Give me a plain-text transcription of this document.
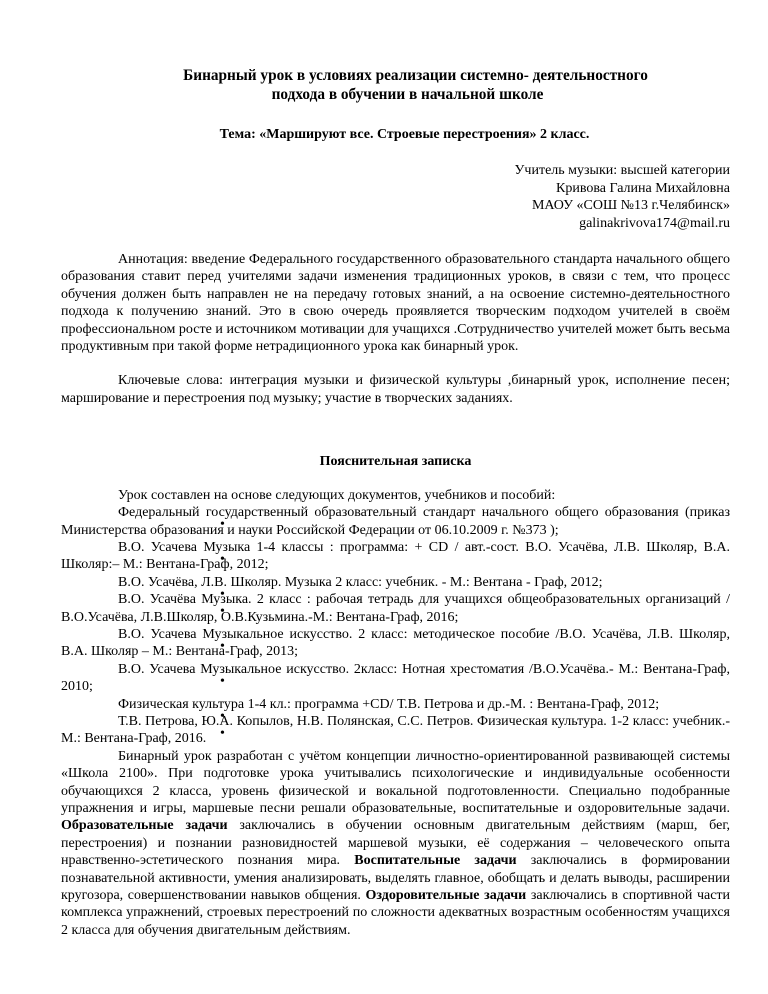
Бинарный урок в условиях реализации системно- деятельностного
подхода в обучении в начальной школе
Тема: «Маршируют все. Строевые перестроения» 2 класс.
Учитель музыки: высшей категории
Кривова Галина Михайловна
МАОУ «СОШ №13 г.Челябинск»
galinakrivova174@mail.ru

Аннотация: введение Федерального государственного образовательного стандарта начального общего образования ставит перед учителями задачи изменения традиционных уроков, в связи с тем, что процесс обучения должен быть направлен не на передачу готовых знаний, а на освоение системно-деятельностного подхода к получению знаний. Это в свою очередь проявляется творческим подходом учителей в своём профессиональном росте и источником мотивации для учащихся .Сотрудничество учителей может быть весьма продуктивным при такой форме нетрадиционного урока как бинарный урок.

Ключевые слова: интеграция музыки и физической культуры ,бинарный урок, исполнение песен; марширование и перестроения под музыку; участие в творческих заданиях.

Пояснительная записка

Урок составлен на основе следующих документов, учебников и пособий:

Федеральный государственный образовательный стандарт начального общего образования (приказ Министерства образования и науки Российской Федерации от 06.10.2009 г. №373 );
В.О. Усачева Музыка 1-4 классы : программа: + CD / авт.-сост. В.О. Усачёва, Л.В. Школяр, В.А. Школяр:– М.: Вентана-Граф, 2012;
В.О. Усачёва, Л.В. Школяр. Музыка 2 класс: учебник. - М.: Вентана - Граф, 2012;
В.О. Усачёва Музыка. 2 класс : рабочая тетрадь для учащихся общеобразовательных организаций / В.О.Усачёва, Л.В.Школяр, О.В.Кузьмина.-М.: Вентана-Граф, 2016;
В.О. Усачева Музыкальное искусство. 2 класс: методическое пособие /В.О. Усачёва, Л.В. Школяр, В.А. Школяр – М.: Вентана-Граф, 2013;
В.О. Усачева Музыкальное искусство. 2класс: Нотная хрестоматия /В.О.Усачёва.- М.: Вентана-Граф, 2010;
Физическая культура 1-4 кл.: программа +CD/ Т.В. Петрова и др.-М. : Вентана-Граф, 2012;
Т.В. Петрова, Ю.А. Копылов, Н.В. Полянская, С.С. Петров. Физическая культура. 1-2 класс: учебник.-М.: Вентана-Граф, 2016.

Бинарный урок разработан с учётом концепции личностно-ориентированной развивающей системы «Школа 2100». При подготовке урока учитывались психологические и индивидуальные особенности обучающихся 2 класса, уровень физической и вокальной подготовленности. Специально подобранные упражнения и игры, маршевые песни решали образовательные, воспитательные и оздоровительные задачи. Образовательные задачи заключались в обучении основным двигательным действиям (марш, бег, перестроения) и познании разновидностей маршевой музыки, её содержания – человеческого опыта нравственно-эстетического познания мира. Воспитательные задачи заключались в формировании познавательной активности, умения анализировать, выделять главное, обобщать и делать выводы, расширении кругозора, совершенствовании навыков общения. Оздоровительные задачи заключались в спортивной части комплекса упражнений, строевых перестроений по сложности адекватных возрастным особенностям учащихся 2 класса для обучения двигательным действиям.
